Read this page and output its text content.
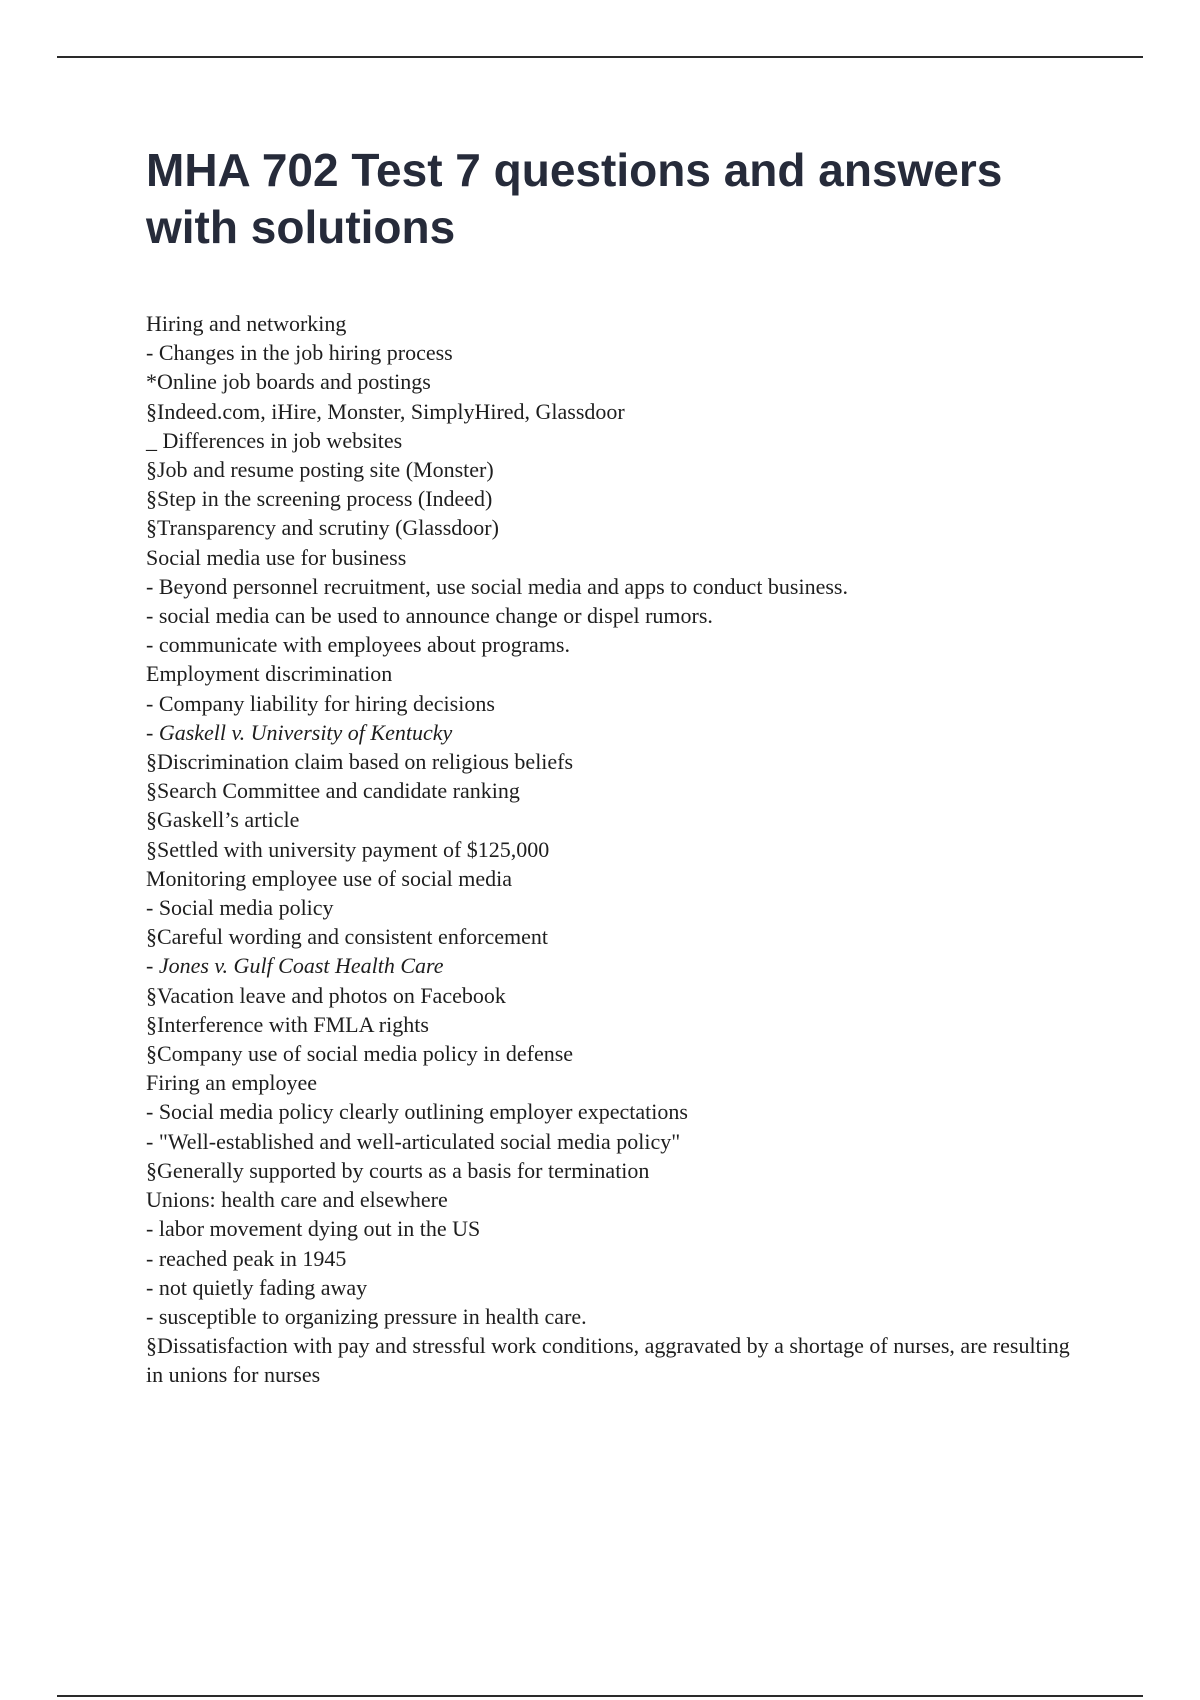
MHA 702 Test 7 questions and answers with solutions
Hiring and networking
- Changes in the job hiring process
*Online job boards and postings
§Indeed.com, iHire, Monster, SimplyHired, Glassdoor
_ Differences in job websites
§Job and resume posting site (Monster)
§Step in the screening process (Indeed)
§Transparency and scrutiny (Glassdoor)
Social media use for business
- Beyond personnel recruitment, use social media and apps to conduct business.
- social media can be used to announce change or dispel rumors.
- communicate with employees about programs.
Employment discrimination
- Company liability for hiring decisions
- Gaskell v. University of Kentucky
§Discrimination claim based on religious beliefs
§Search Committee and candidate ranking
§Gaskell’s article
§Settled with university payment of $125,000
Monitoring employee use of social media
- Social media policy
§Careful wording and consistent enforcement
- Jones v. Gulf Coast Health Care
§Vacation leave and photos on Facebook
§Interference with FMLA rights
§Company use of social media policy in defense
Firing an employee
- Social media policy clearly outlining employer expectations
- "Well-established and well-articulated social media policy"
§Generally supported by courts as a basis for termination
Unions: health care and elsewhere
- labor movement dying out in the US
- reached peak in 1945
- not quietly fading away
- susceptible to organizing pressure in health care.
§Dissatisfaction with pay and stressful work conditions, aggravated by a shortage of nurses, are resulting in unions for nurses
